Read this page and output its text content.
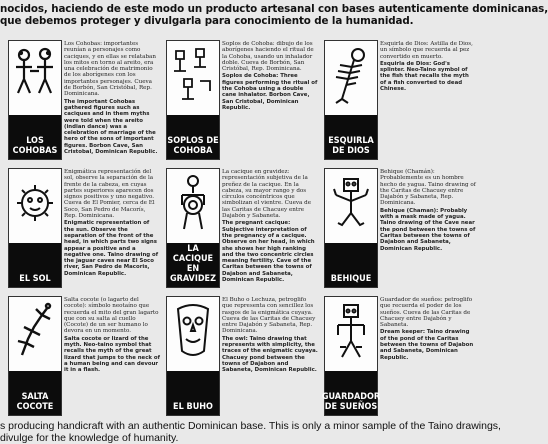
nocidos, haciendo de este modo un producto artesanal con bases autenticamente dominicanas,
que debemos proteger y divulgarla para conocimiento de la humanidad.
LOS COHOBAS

Los Cohobas: importantes reunían a personajes como caciques, y en ellas se relataban los mitos en torno al areito, era una celebración de matrimonio de los aborígenes con los importantes personajes. Cueva de Borbón, San Cristóbal, Rep. Dominicana.

The important Cohobas gathered figures such as caciques and in them myths were told when the areito (indian dance) was a celebration of marriage of the hero of the sons of important figures. Borbon Cave, San Cristobal, Dominican Republic.

SOPLOS DE COHOBA

Soplos de Cohoba: dibujo de los aborígenes haciendo el ritual de la Cohoba, usando un inhalador doble. Cueva de Borbón, San Cristóbal, Rep. Dominicana.

Soplos de Cohoba: Three figures performing the ritual of the Cohoba using a double cane inhalator. Borbon Cave, San Cristobal, Dominican Republic.

ESQUIRLA DE DIOS

Esquirla de Dios: Astilla de Dios, un símbolo que recuerda al pez convertido en muerto.

Esquirla de Dios: God's splinter. Neo-Taino symbol of the fish that recalls the myth of a fish converted to dead Chinese.

EL SOL

Enigmática representación del sol, observe la separación de la frente de la cabeza, en cuyas partes superiores aparecen dos signos positivos y uno negativo. Cueva de El Pomier, cerca de El Soco, San Pedro de Macorís, Rep. Dominicana.

Enigmatic representation of the sun. Observe the separation of the front of the head, in which parts two signs appear a positive and a negative one. Taino drawing of the jaguar caves near El Soco river, San Pedro de Macoris, Dominican Republic.

LA CACIQUE EN GRAVIDEZ

La cacique en gravidez: representación subjetiva de la preñez de la cacique. En la cabeza, su mayor rango y dos círculos concéntricos que simbolizan el vientre. Cueva de las Caritas de Chacuey entre Dajabón y Sabaneta.

The pregnant cacique: Subjective interpretation of the pregnancy of a cacique. Observe on her head, in which she shows her high ranking and the two concentric circles meaning fertility. Cave of the Caritas between the towns of Dajabon and Sabaneta, Dominican Republic.	BEHIQUE

Behique (Chamán): Probablemente es un hombre hecho de yagua. Taino drawing of the Caritas de Chacuey entre Dajabón y Sabaneta, Rep. Dominicana.

Behique (Chaman): Probably with a mask made of yagua. Taino drawing of the Cave near the pond between the towns of Caritas between the towns of Dajabon and Sabaneta, Dominican Republic.

SALTA COCOTE

Salta cocote (o lagarto del cocote): símbolo neotaíno que recuerda el mito del gran lagarto que con su salta al cuello (Cocote) de un ser humano lo devora en un momento.

Salta cocote or lizard of the myth. Neo-taino symbol that recalls the myth of the great lizard that jumps to the neck of a human being and can devour it in a flash.

EL BUHO

El Buho o Lechuza, petroglifo que representa con sencillez los rasgos de la enigmática cuyaya. Cueva de las Caritas de Chacuey entre Dajabón y Sabaneta, Rep. Dominicana.

The owl: Taino drawing that represents with simplicity, the traces of the enigmatic cuyaya. Chacuey pond between the towns of Dajabon and Sabaneta, Dominican Republic.

GUARDADOR DE SUEÑOS

Guardador de sueños: petroglifo que recuerda el poder de los sueños. Cueva de las Caritas de Chacuey entre Dajabón y Sabaneta.

Dream keeper: Taino drawing of the pond of the Caritas between the towns of Dajabon and Sabaneta, Dominican Republic.

s producing handicraft with an authentic Dominican base. This is only a minor sample of the Taino drawings,
divulge for the knowledge of humanity.
